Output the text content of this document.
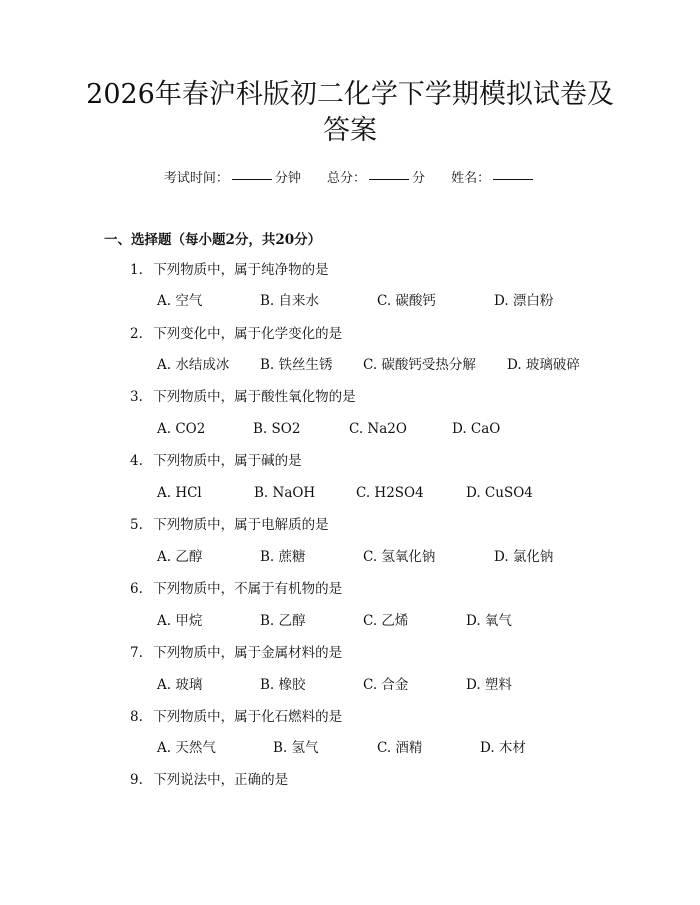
2026年春沪科版初二化学下学期模拟试卷及
答案
考试时间：	分钟 总分：	分 姓名：
一、选择题（每小题2分，共20分）
1. 下列物质中，属于纯净物的是
A. 空气	B. 自来水	C. 碳酸钙	D. 漂白粉
2. 下列变化中，属于化学变化的是
A. 水结成冰 B. 铁丝生锈 C. 碳酸钙受热分解 D. 玻璃破碎
3. 下列物质中，属于酸性氧化物的是
A. CO2	B. SO2	C. Na2O	D. CaO
4. 下列物质中，属于碱的是
A. HCl	B. NaOH	C. H2SO4	D. CuSO4
5. 下列物质中，属于电解质的是
A. 乙醇	B. 蔗糖	C. 氢氧化钠	D. 氯化钠
6. 下列物质中，不属于有机物的是
A. 甲烷	B. 乙醇	C. 乙烯	D. 氧气
7. 下列物质中，属于金属材料的是
A. 玻璃	B. 橡胶	C. 合金	D. 塑料
8. 下列物质中，属于化石燃料的是
A. 天然气	B. 氢气	C. 酒精	D. 木材
9. 下列说法中，正确的是
